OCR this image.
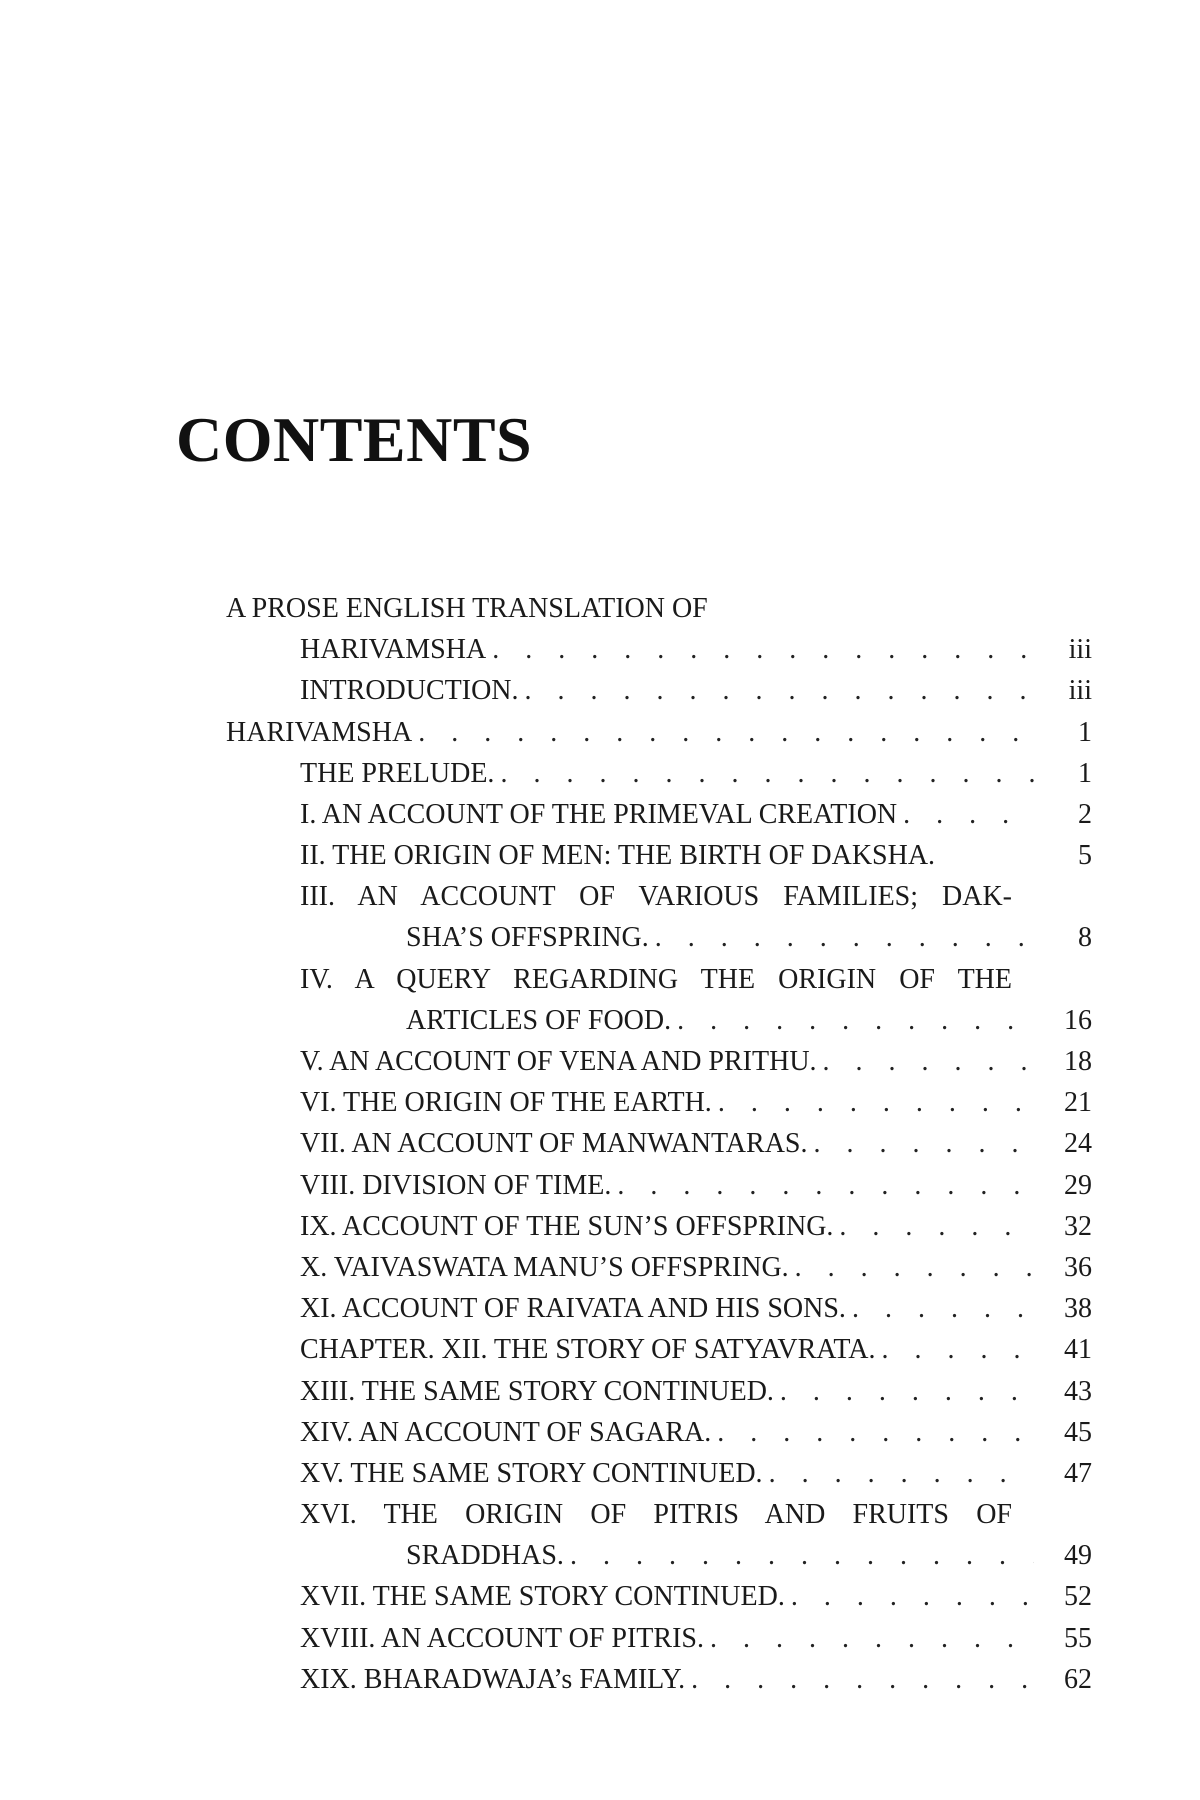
CONTENTS
A PROSE ENGLISH TRANSLATION OF
HARIVAMSHA . . .	iii
INTRODUCTION. . . .	iii
HARIVAMSHA . . .	1
THE PRELUDE. . . .	1
I. AN ACCOUNT OF THE PRIMEVAL CREATION . . .	2
II. THE ORIGIN OF MEN: THE BIRTH OF DAKSHA.	5
III. AN ACCOUNT OF VARIOUS FAMILIES; DAK-
SHA’S OFFSPRING. . . .	8
IV. A QUERY REGARDING THE ORIGIN OF THE
ARTICLES OF FOOD. . . .	16
V. AN ACCOUNT OF VENA AND PRITHU. . . .	18
VI. THE ORIGIN OF THE EARTH. . . .	21
VII. AN ACCOUNT OF MANWANTARAS. . . .	24
VIII. DIVISION OF TIME. . . .	29
IX. ACCOUNT OF THE SUN’S OFFSPRING. . . .	32
X. VAIVASWATA MANU’S OFFSPRING. . . .	36
XI. ACCOUNT OF RAIVATA AND HIS SONS. . . .	38
CHAPTER. XII. THE STORY OF SATYAVRATA. . . .	41
XIII. THE SAME STORY CONTINUED. . . .	43
XIV. AN ACCOUNT OF SAGARA. . . .	45
XV. THE SAME STORY CONTINUED. . . .	47
XVI. THE ORIGIN OF PITRIS AND FRUITS OF
SRADDHAS. . . .	49
XVII. THE SAME STORY CONTINUED. . . .	52
XVIII. AN ACCOUNT OF PITRIS. . . .	55
XIX. BHARADWAJA’s FAMILY. . . .	62
